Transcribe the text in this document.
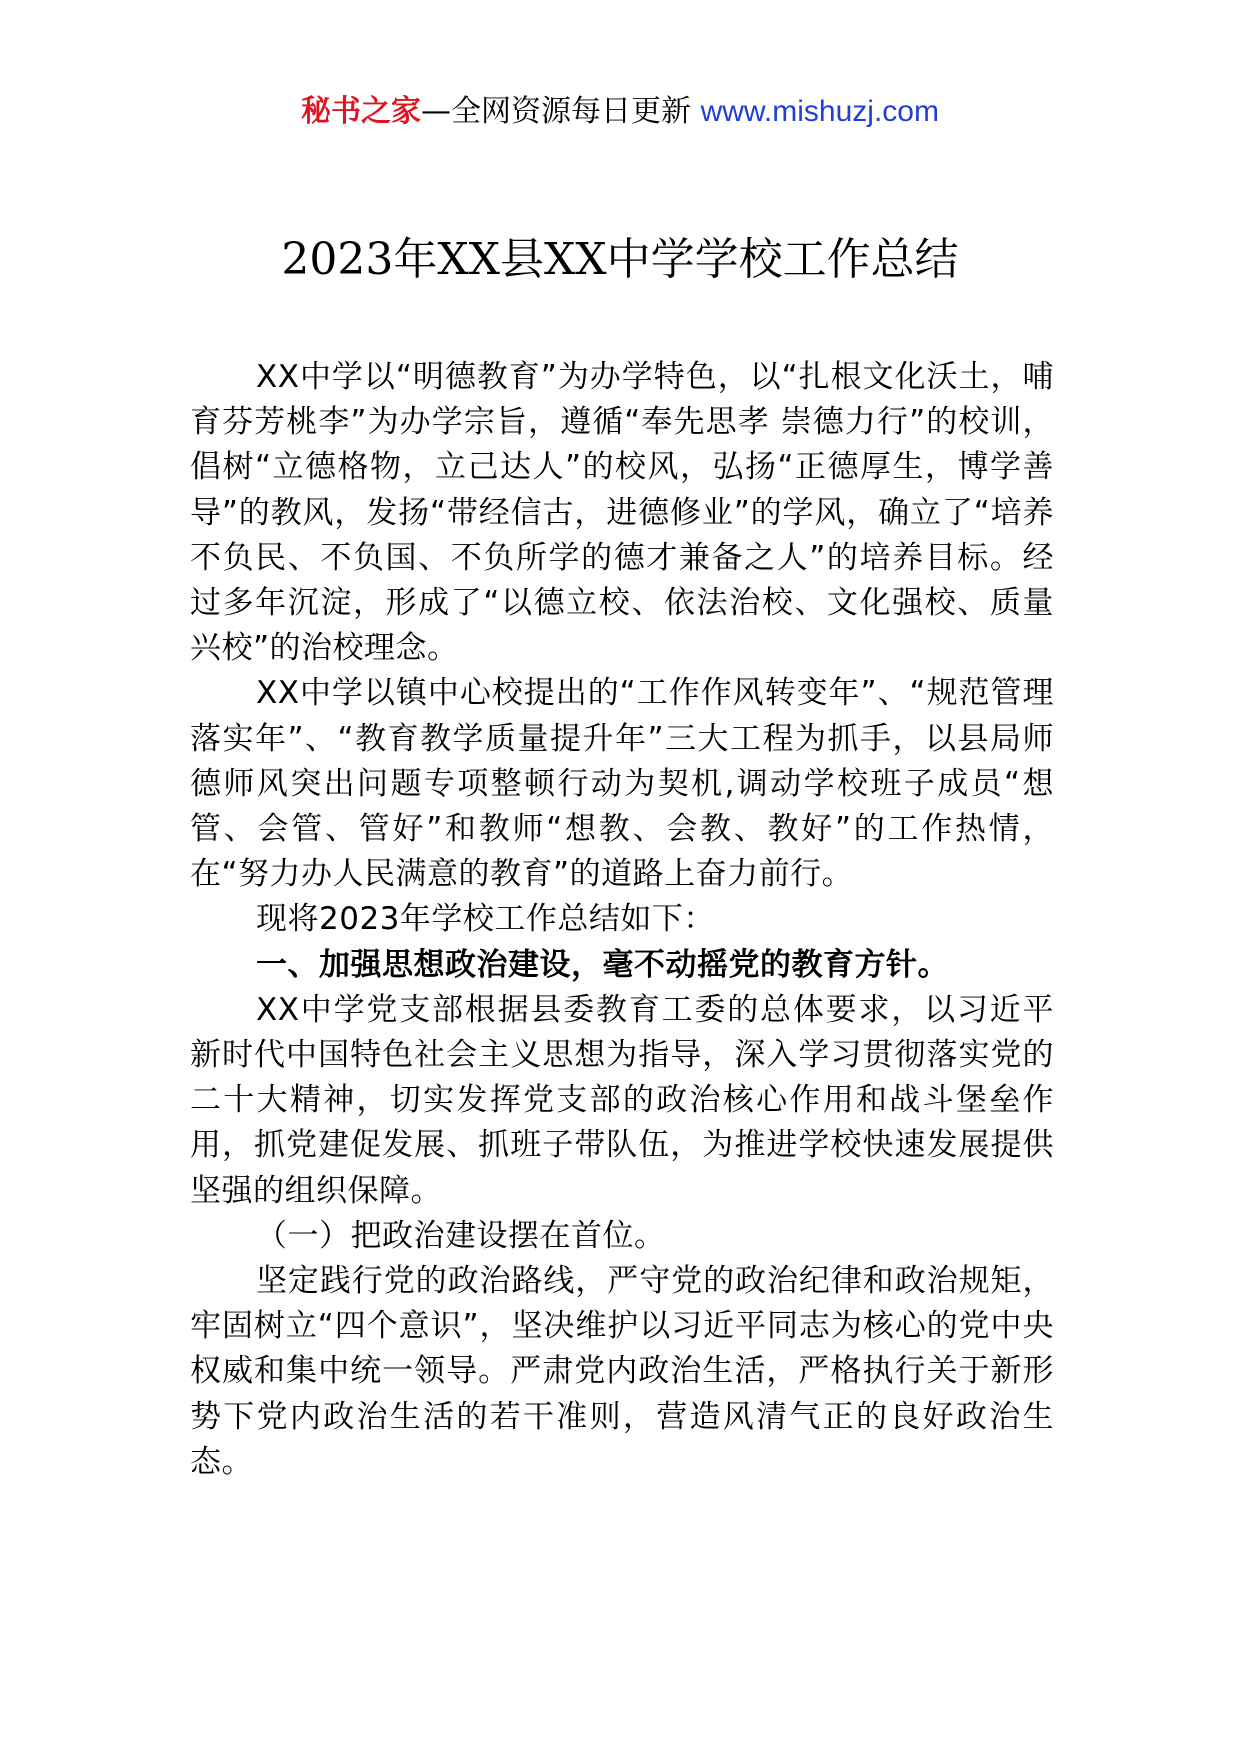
秘书之家—全网资源每日更新 www.mishuzj.com
2023年XX县XX中学学校工作总结

XX中学以“明德教育”为办学特色，以“扎根文化沃土，哺育芬芳桃李”为办学宗旨，遵循“奉先思孝 崇德力行”的校训，倡树“立德格物，立己达人”的校风，弘扬“正德厚生，博学善导”的教风，发扬“带经信古，进德修业”的学风，确立了“培养不负民、不负国、不负所学的德才兼备之人”的培养目标。经过多年沉淀，形成了“以德立校、依法治校、文化强校、质量兴校”的治校理念。

XX中学以镇中心校提出的“工作作风转变年”、“规范管理落实年”、“教育教学质量提升年”三大工程为抓手，以县局师德师风突出问题专项整顿行动为契机,调动学校班子成员“想管、会管、管好”和教师“想教、会教、教好”的工作热情，在“努力办人民满意的教育”的道路上奋力前行。

现将2023年学校工作总结如下：

一、加强思想政治建设，毫不动摇党的教育方针。

XX中学党支部根据县委教育工委的总体要求，以习近平新时代中国特色社会主义思想为指导，深入学习贯彻落实党的二十大精神，切实发挥党支部的政治核心作用和战斗堡垒作用，抓党建促发展、抓班子带队伍，为推进学校快速发展提供坚强的组织保障。

（一）把政治建设摆在首位。

坚定践行党的政治路线，严守党的政治纪律和政治规矩，牢固树立“四个意识”，坚决维护以习近平同志为核心的党中央权威和集中统一领导。严肃党内政治生活，严格执行关于新形势下党内政治生活的若干准则，营造风清气正的良好政治生态。
